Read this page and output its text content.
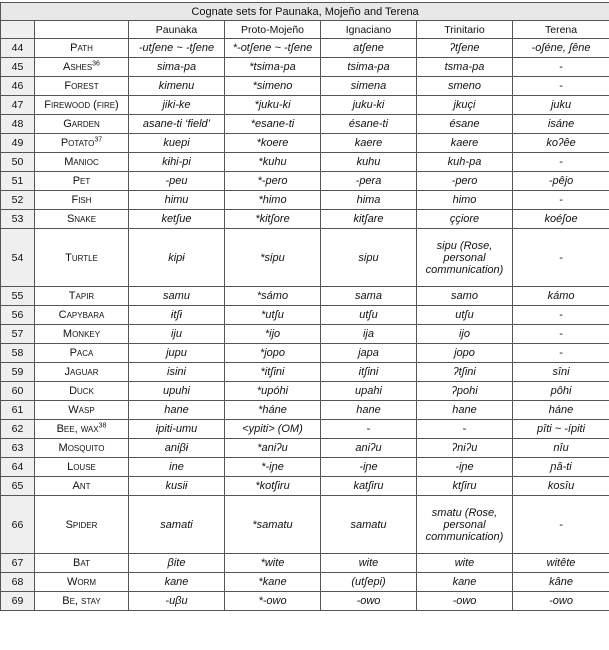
Cognate sets for Paunaka, Mojeño and Terena						
		Paunaka	Proto-Mojeño	Ignaciano	Trinitario	Terena
44	Path	-utʃene ~ -tʃene	*-otʃene ~ -tʃene	atʃene	ʔtʃene	-oʃéne, ʃêne
45	Ashes$^{36}$	sima-pa	*tsima-pa	tsima-pa	tsma-pa	-
46	Forest	kimenu	*simeno	simena	smeno	-
47	Firewood (fire)	jiki-ke	*juku-ki	juku-ki	jkuçi	juku
48	Garden	asane-ti ‘field’	*esane-ti	ésane-ti	ésane	isáne
49	Potato$^{37}$	kuepi	*koere	kaere	kaere	koʔêe
50	Manioc	kɨhi-pi	*kuhu	kuhu	kuh-pa	-
51	Pet	-peu	*-pero	-pera	-pero	-pêjo
52	Fish	himu	*himo	hima	himo	-
53	Snake	ketʃue	*kitʃore	kitʃare	çҫiore	koéʃoe
54	Turtle	kipɨ	*sipu	sipu	sipu (Rose, personal communication)	-
55	Tapir	samu	*sámo	sama	samo	kámo
56	Capybara	ɨtʃɨ	*utʃu	utʃu	utʃu	-
57	Monkey	iju	*ijo	ija	ijo	-
58	Paca	jupu	*jopo	japa	jopo	-
59	Jaguar	isini	*itʃini	itʃini	ʔtʃini	sîni
60	Duck	upuhi	*upóhi	upahi	ʔpohi	pôhi
61	Wasp	hane	*háne	hane	hane	háne
62	Bee, wax$^{38}$	ipiti-umu	<ypiti> (OM)	-	-	pîti ~ -ípiti
63	Mosquito	aniβɨ	*aniʔu	aniʔu	ʔniʔu	nîu
64	Louse	ine	*-iɲe	-iɲe	-iɲe	ɲâ-ti
65	Ant	kusiɨ	*kotʃiru	katʃiru	ktʃiru	kosîu
66	Spider	samati	*samatu	samatu	smatu (Rose, personal communication)	-
67	Bat	βite	*wite	wite	wite	witête
68	Worm	kane	*kane	(utʃepi)	kane	kâne
69	Be, stay	-uβu	*-owo	-owo	-owo	-owo
